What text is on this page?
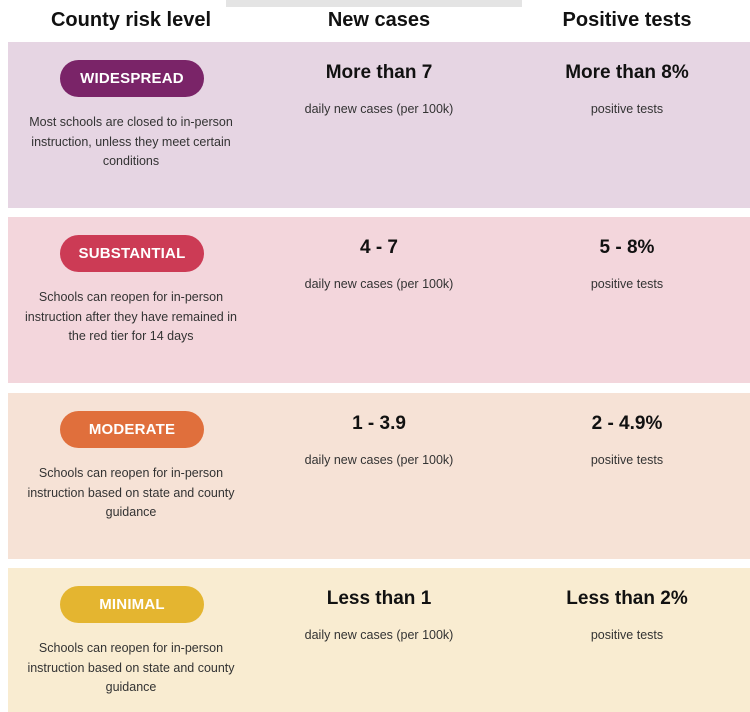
County risk level	New cases	Positive tests
WIDESPREAD
Most schools are closed to in-person instruction, unless they meet certain conditions
More than 7
daily new cases (per 100k)
More than 8%
positive tests
SUBSTANTIAL
Schools can reopen for in-person instruction after they have remained in the red tier for 14 days
4 - 7
daily new cases (per 100k)
5 - 8%
positive tests
MODERATE
Schools can reopen for in-person instruction based on state and county guidance
1 - 3.9
daily new cases (per 100k)
2 - 4.9%
positive tests
MINIMAL
Schools can reopen for in-person instruction based on state and county guidance
Less than 1
daily new cases (per 100k)
Less than 2%
positive tests
